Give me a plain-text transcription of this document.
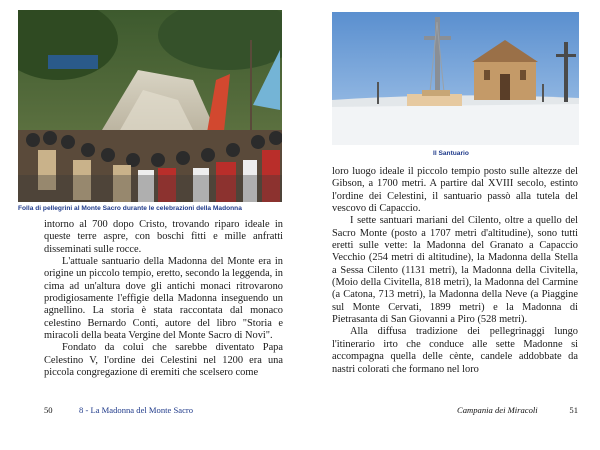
Folla di pellegrini al Monte Sacro durante le celebrazioni della Madonna

intorno al 700 dopo Cristo, trovando riparo ideale in queste terre aspre, con boschi fitti e mille anfratti disseminati sulle rocce.

L'attuale santuario della Madonna del Monte era in origine un piccolo tempio, eretto, secondo la leggenda, in cima ad un'altura dove gli antichi monaci ritrovarono prodigiosamente l'effigie della Madonna inseguendo un agnellino. La storia è stata raccontata dal monaco celestino Bernardo Conti, autore del libro "Storia e miracoli della beata Vergine del Monte Sacro di Novi".

Fondato da colui che sarebbe diventato Papa Celestino V, l'ordine dei Celestini nel 1200 era una piccola congregazione di eremiti che scelsero come

50	8 - La Madonna del Monte Sacro
Il Santuario

loro luogo ideale il piccolo tempio posto sulle altezze del Gibson, a 1700 metri. A partire dal XVIII secolo, estinto l'ordine dei Celestini, il santuario passò alla tutela del vescovo di Capaccio.

I sette santuari mariani del Cilento, oltre a quello del Sacro Monte (posto a 1707 metri d'altitudine), sono tutti eretti sulle vette: la Madonna del Granato a Capaccio Vecchio (254 metri di altitudine), la Madonna della Stella a Sessa Cilento (1131 metri), la Madonna della Civitella, (Moio della Civitella, 818 metri), la Madonna del Carmine (a Catona, 713 metri), la Madonna della Neve (a Piaggine sul Monte Cervati, 1899 metri) e la Madonna di Pietrasanta di San Giovanni a Piro (528 metri).

Alla diffusa tradizione dei pellegrinaggi lungo l'itinerario irto che conduce alle sette Madonne si accompagna quella delle cènte, candele addobbate da nastri colorati che formano nel loro

Campania dei Miracoli	51
